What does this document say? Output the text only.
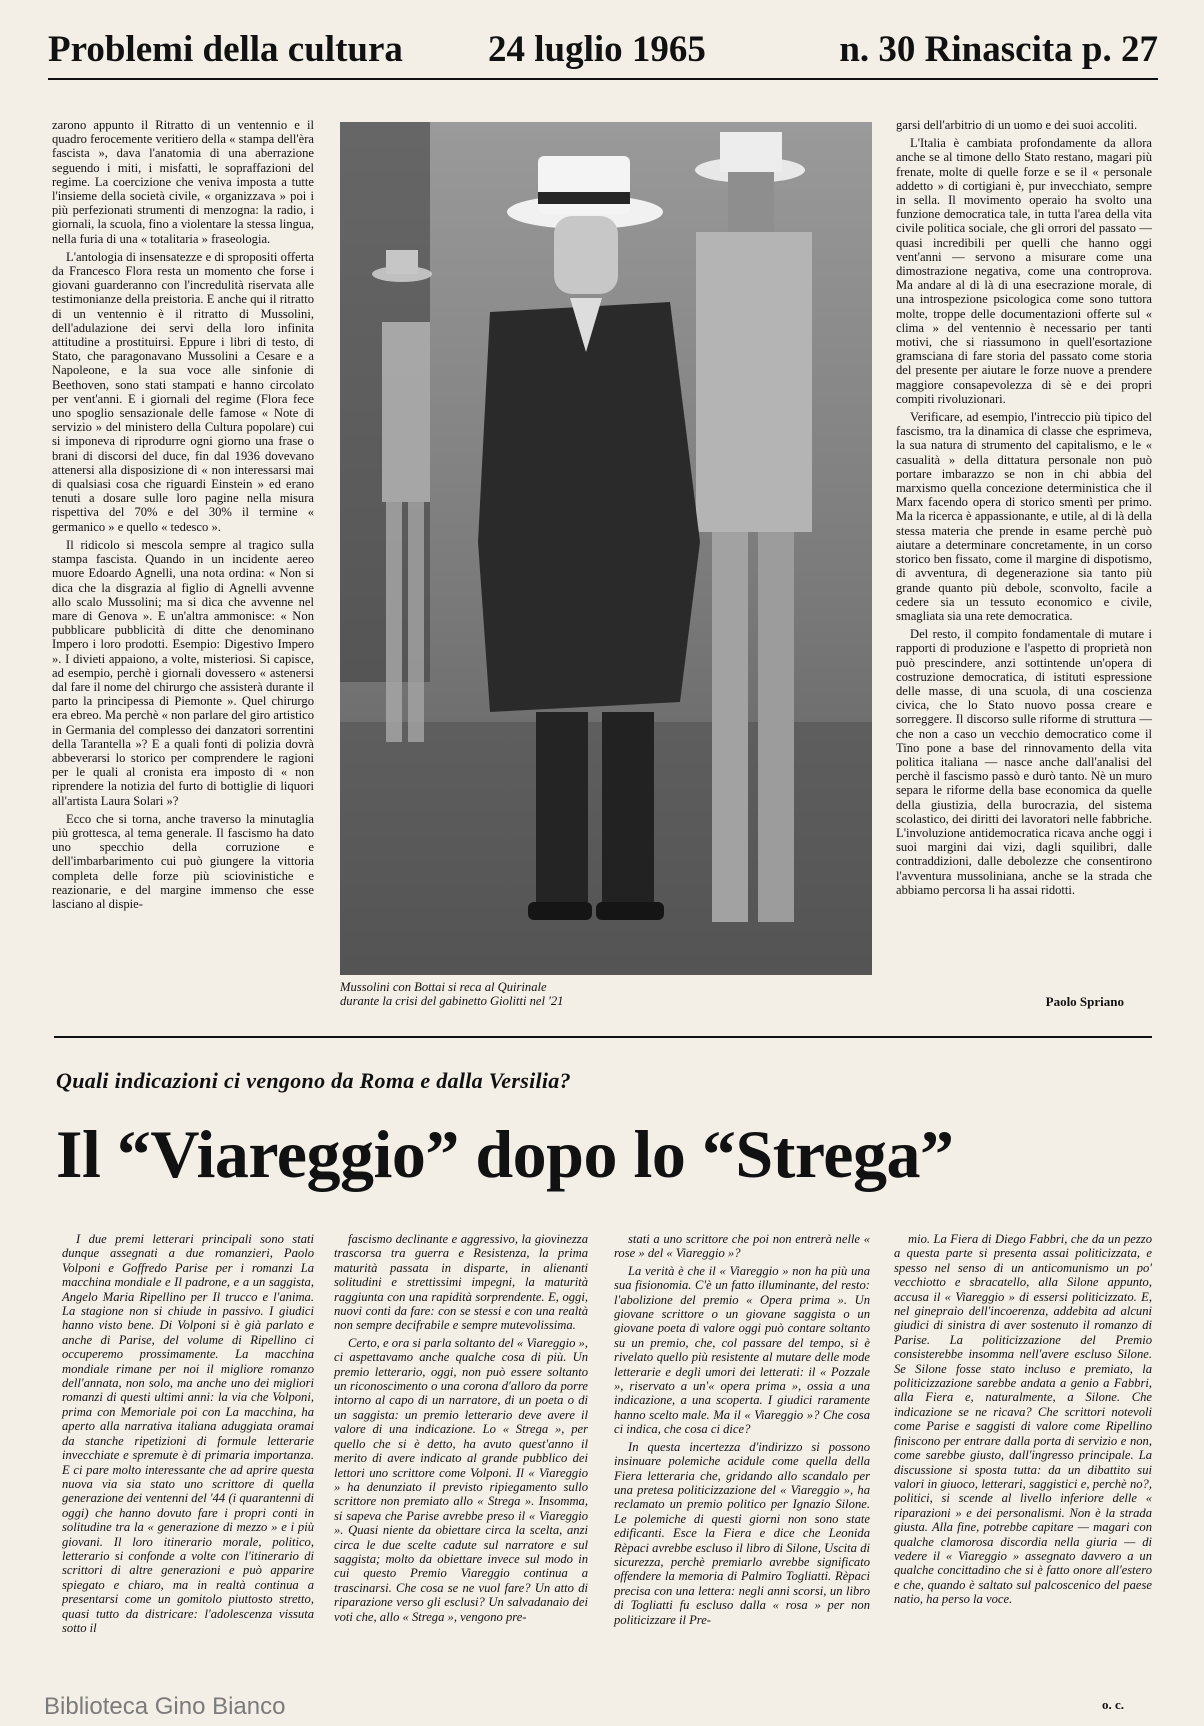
Problemi della cultura 24 luglio 1965	n. 30 Rinascita p. 27

zarono appunto il Ritratto di un ventennio e il quadro ferocemente veritiero della « stampa dell'èra fascista », dava l'anatomia di una aberrazione seguendo i miti, i misfatti, le sopraffazioni del regime. La coercizione che veniva imposta a tutte l'insieme della società civile, « organizzava » poi i più perfezionati strumenti di menzogna: la radio, i giornali, la scuola, fino a violentare la stessa lingua, nella furia di una « totalitaria » fraseologia.

L'antologia di insensatezze e di spropositi offerta da Francesco Flora resta un momento che forse i giovani guarderanno con l'incredulità riservata alle testimonianze della preistoria. E anche qui il ritratto di un ventennio è il ritratto di Mussolini, dell'adulazione dei servi della loro infinita attitudine a prostituirsi. Eppure i libri di testo, di Stato, che paragonavano Mussolini a Cesare e a Napoleone, e la sua voce alle sinfonie di Beethoven, sono stati stampati e hanno circolato per vent'anni. E i giornali del regime (Flora fece uno spoglio sensazionale delle famose « Note di servizio » del ministero della Cultura popolare) cui si imponeva di riprodurre ogni giorno una frase o brani di discorsi del duce, fin dal 1936 dovevano attenersi alla disposizione di « non interessarsi mai di qualsiasi cosa che riguardi Einstein » ed erano tenuti a dosare sulle loro pagine nella misura rispettiva del 70% e del 30% il termine « germanico » e quello « tedesco ».

Il ridicolo si mescola sempre al tragico sulla stampa fascista. Quando in un incidente aereo muore Edoardo Agnelli, una nota ordina: « Non si dica che la disgrazia al figlio di Agnelli avvenne allo scalo Mussolini; ma si dica che avvenne nel mare di Genova ». E un'altra ammonisce: « Non pubblicare pubblicità di ditte che denominano Impero i loro prodotti. Esempio: Digestivo Impero ». I divieti appaiono, a volte, misteriosi. Si capisce, ad esempio, perchè i giornali dovessero « astenersi dal fare il nome del chirurgo che assisterà durante il parto la principessa di Piemonte ». Quel chirurgo era ebreo. Ma perchè « non parlare del giro artistico in Germania del complesso dei danzatori sorrentini della Tarantella »? E a quali fonti di polizia dovrà abbeverarsi lo storico per comprendere le ragioni per le quali al cronista era imposto di « non riprendere la notizia del furto di bottiglie di liquori all'artista Laura Solari »?

Ecco che si torna, anche traverso la minutaglia più grottesca, al tema generale. Il fascismo ha dato uno specchio della corruzione e dell'imbarbarimento cui può giungere la vittoria completa delle forze più sciovinistiche e reazionarie, e del margine immenso che esse lasciano al dispie-

garsi dell'arbitrio di un uomo e dei suoi accoliti.

L'Italia è cambiata profondamente da allora anche se al timone dello Stato restano, magari più frenate, molte di quelle forze e se il « personale addetto » di cortigiani è, pur invecchiato, sempre in sella. Il movimento operaio ha svolto una funzione democratica tale, in tutta l'area della vita civile politica sociale, che gli orrori del passato — quasi incredibili per quelli che hanno oggi vent'anni — servono a misurare come una dimostrazione negativa, come una controprova. Ma andare al di là di una esecrazione morale, di una introspezione psicologica come sono tuttora molte, troppe delle documentazioni offerte sul « clima » del ventennio è necessario per tanti motivi, che si riassumono in quell'esortazione gramsciana di fare storia del passato come storia del presente per aiutare le forze nuove a prendere maggiore consapevolezza di sè e dei propri compiti rivoluzionari.

Verificare, ad esempio, l'intreccio più tipico del fascismo, tra la dinamica di classe che esprimeva, la sua natura di strumento del capitalismo, e le « casualità » della dittatura personale non può portare imbarazzo se non in chi abbia del marxismo quella concezione deterministica che il Marx facendo opera di storico smentì per primo. Ma la ricerca è appassionante, e utile, al di là della stessa materia che prende in esame perchè può aiutare a determinare concretamente, in un corso storico ben fissato, come il margine di dispotismo, di avventura, di degenerazione sia tanto più grande quanto più debole, sconvolto, facile a cedere sia un tessuto economico e civile, smagliata sia una rete democratica.

Del resto, il compito fondamentale di mutare i rapporti di produzione e l'aspetto di proprietà non può prescindere, anzi sottintende un'opera di costruzione democratica, di istituti espressione delle masse, di una scuola, di una coscienza civica, che lo Stato nuovo possa creare e sorreggere. Il discorso sulle riforme di struttura — che non a caso un vecchio democratico come il Tino pone a base del rinnovamento della vita politica italiana — nasce anche dall'analisi del perchè il fascismo passò e durò tanto. Nè un muro separa le riforme della base economica da quelle della giustizia, della burocrazia, del sistema scolastico, dei diritti dei lavoratori nelle fabbriche. L'involuzione antidemocratica ricava anche oggi i suoi margini dai vizi, dagli squilibri, dalle contraddizioni, dalle debolezze che consentirono l'avventura mussoliniana, anche se la strada che abbiamo percorsa li ha assai ridotti.

Mussolini con Bottai si reca al Quirinale
durante la crisi del gabinetto Giolitti nel '21	Paolo Spriano
Quali indicazioni ci vengono da Roma e dalla Versilia?
Il “Viareggio” dopo lo “Strega”

I due premi letterari principali sono stati dunque assegnati a due romanzieri, Paolo Volponi e Goffredo Parise per i romanzi La macchina mondiale e Il padrone, e a un saggista, Angelo Maria Ripellino per Il trucco e l'anima. La stagione non si chiude in passivo. I giudici hanno visto bene. Di Volponi si è già parlato e anche di Parise, del volume di Ripellino ci occuperemo prossimamente. La macchina mondiale rimane per noi il migliore romanzo dell'annata, non solo, ma anche uno dei migliori romanzi di questi ultimi anni: la via che Volponi, prima con Memoriale poi con La macchina, ha aperto alla narrativa italiana aduggiata oramai da stanche ripetizioni di formule letterarie invecchiate e spremute è di primaria importanza. E ci pare molto interessante che ad aprire questa nuova via sia stato uno scrittore di quella generazione dei ventenni del '44 (i quarantenni di oggi) che hanno dovuto fare i propri conti in solitudine tra la « generazione di mezzo » e i più giovani. Il loro itinerario morale, politico, letterario si confonde a volte con l'itinerario di scrittori di altre generazioni e può apparire spiegato e chiaro, ma in realtà continua a presentarsi come un gomitolo piuttosto stretto, quasi tutto da districare: l'adolescenza vissuta sotto il

fascismo declinante e aggressivo, la giovinezza trascorsa tra guerra e Resistenza, la prima maturità passata in disparte, in alienanti solitudini e strettissimi impegni, la maturità raggiunta con una rapidità sorprendente. E, oggi, nuovi conti da fare: con se stessi e con una realtà non sempre decifrabile e sempre mutevolissima.

Certo, e ora si parla soltanto del « Viareggio », ci aspettavamo anche qualche cosa di più. Un premio letterario, oggi, non può essere soltanto un riconoscimento o una corona d'alloro da porre intorno al capo di un narratore, di un poeta o di un saggista: un premio letterario deve avere il valore di una indicazione. Lo « Strega », per quello che si è detto, ha avuto quest'anno il merito di avere indicato al grande pubblico dei lettori uno scrittore come Volponi. Il « Viareggio » ha denunziato il previsto ripiegamento sullo scrittore non premiato allo « Strega ». Insomma, si sapeva che Parise avrebbe preso il « Viareggio ». Quasi niente da obiettare circa la scelta, anzi circa le due scelte cadute sul narratore e sul saggista; molto da obiettare invece sul modo in cui questo Premio Viareggio continua a trascinarsi. Che cosa se ne vuol fare? Un atto di riparazione verso gli esclusi? Un salvadanaio dei voti che, allo « Strega », vengono pre-

stati a uno scrittore che poi non entrerà nelle « rose » del « Viareggio »?

La verità è che il « Viareggio » non ha più una sua fisionomia. C'è un fatto illuminante, del resto: l'abolizione del premio « Opera prima ». Un giovane scrittore o un giovane saggista o un giovane poeta di valore oggi può contare soltanto su un premio, che, col passare del tempo, si è rivelato quello più resistente al mutare delle mode letterarie e degli umori dei letterati: il « Pozzale », riservato a un'« opera prima », ossia a una indicazione, a una scoperta. I giudici raramente hanno scelto male. Ma il « Viareggio »? Che cosa ci indica, che cosa ci dice?

In questa incertezza d'indirizzo si possono insinuare polemiche acidule come quella della Fiera letteraria che, gridando allo scandalo per una pretesa politicizzazione del « Viareggio », ha reclamato un premio politico per Ignazio Silone. Le polemiche di questi giorni non sono state edificanti. Esce la Fiera e dice che Leonida Rèpaci avrebbe escluso il libro di Silone, Uscita di sicurezza, perchè premiarlo avrebbe significato offendere la memoria di Palmiro Togliatti. Rèpaci precisa con una lettera: negli anni scorsi, un libro di Togliatti fu escluso dalla « rosa » per non politicizzare il Pre-

mio. La Fiera di Diego Fabbri, che da un pezzo a questa parte si presenta assai politicizzata, e spesso nel senso di un anticomunismo un po' vecchiotto e sbracatello, alla Silone appunto, accusa il « Viareggio » di essersi politicizzato. E, nel ginepraio dell'incoerenza, addebita ad alcuni giudici di sinistra di aver sostenuto il romanzo di Parise. La politicizzazione del Premio consisterebbe insomma nell'avere escluso Silone. Se Silone fosse stato incluso e premiato, la politicizzazione sarebbe andata a genio a Fabbri, alla Fiera e, naturalmente, a Silone. Che indicazione se ne ricava? Che scrittori notevoli come Parise e saggisti di valore come Ripellino finiscono per entrare dalla porta di servizio e non, come sarebbe giusto, dall'ingresso principale. La discussione si sposta tutta: da un dibattito sui valori in giuoco, letterari, saggistici e, perchè no?, politici, si scende al livello inferiore delle « riparazioni » e dei personalismi. Non è la strada giusta. Alla fine, potrebbe capitare — magari con qualche clamorosa discordia nella giuria — di vedere il « Viareggio » assegnato davvero a un qualche concittadino che si è fatto onore all'estero e che, quando è saltato sul palcoscenico del paese natio, ha perso la voce.

o. c.
Biblioteca Gino Bianco
